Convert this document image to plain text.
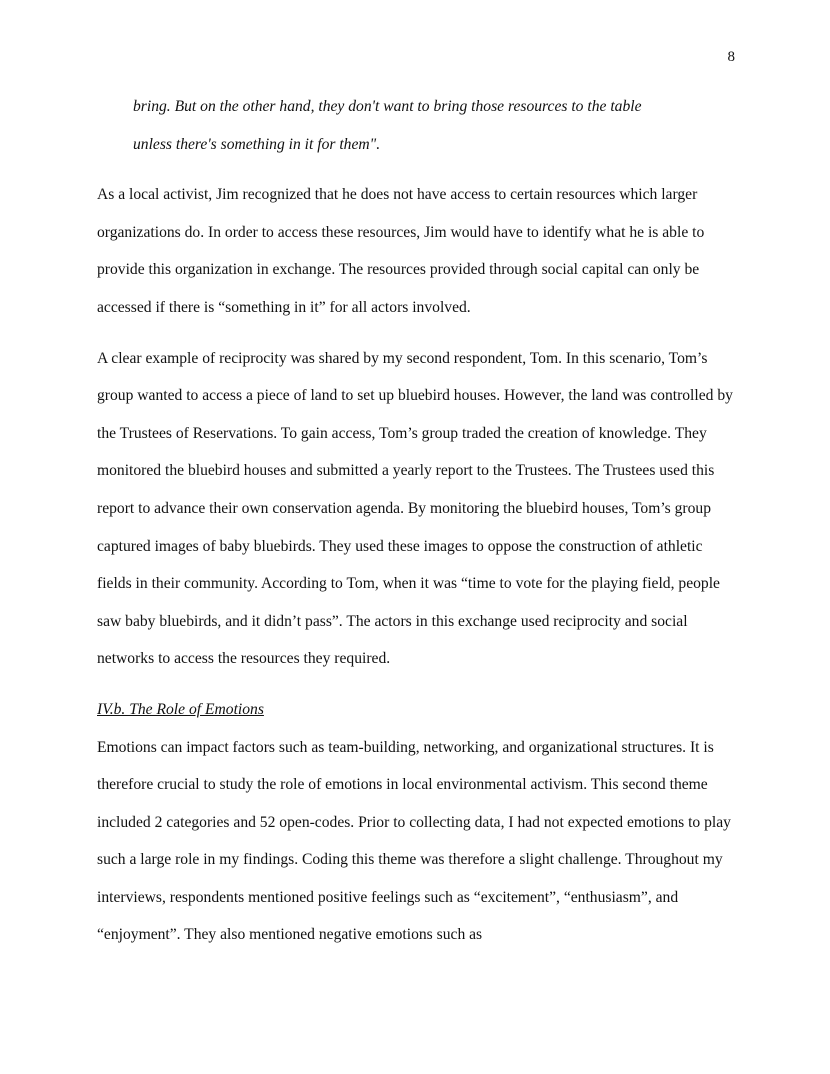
8
bring. But on the other hand, they don't want to bring those resources to the table
unless there's something in it for them".

As a local activist, Jim recognized that he does not have access to certain resources which larger organizations do. In order to access these resources, Jim would have to identify what he is able to provide this organization in exchange. The resources provided through social capital can only be accessed if there is “something in it” for all actors involved.

A clear example of reciprocity was shared by my second respondent, Tom. In this scenario, Tom’s group wanted to access a piece of land to set up bluebird houses. However, the land was controlled by the Trustees of Reservations. To gain access, Tom’s group traded the creation of knowledge. They monitored the bluebird houses and submitted a yearly report to the Trustees. The Trustees used this report to advance their own conservation agenda. By monitoring the bluebird houses, Tom’s group captured images of baby bluebirds. They used these images to oppose the construction of athletic fields in their community. According to Tom, when it was “time to vote for the playing field, people saw baby bluebirds, and it didn’t pass”. The actors in this exchange used reciprocity and social networks to access the resources they required.

IV.b. The Role of Emotions

Emotions can impact factors such as team-building, networking, and organizational structures. It is therefore crucial to study the role of emotions in local environmental activism. This second theme included 2 categories and 52 open-codes. Prior to collecting data, I had not expected emotions to play such a large role in my findings. Coding this theme was therefore a slight challenge. Throughout my interviews, respondents mentioned positive feelings such as “excitement”, “enthusiasm”, and “enjoyment”. They also mentioned negative emotions such as
